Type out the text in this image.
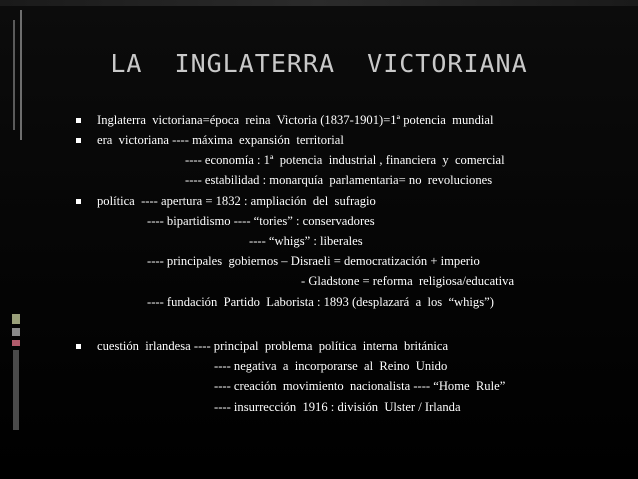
LA  INGLATERRA  VICTORIANA
Inglaterra  victoriana=época  reina  Victoria (1837-1901)=1ª potencia  mundial
era  victoriana ---- máxima  expansión  territorial
---- economía : 1ª  potencia  industrial , financiera  y  comercial
---- estabilidad : monarquía  parlamentaria= no  revoluciones
política  ---- apertura = 1832 : ampliación  del  sufragio
---- bipartidismo ---- “tories” : conservadores
---- “whigs” : liberales
---- principales  gobiernos – Disraeli = democratización + imperio
- Gladstone = reforma  religiosa/educativa
---- fundación  Partido  Laborista : 1893 (desplazará  a  los  “whigs”)
cuestión  irlandesa ---- principal  problema  política  interna  británica
---- negativa  a  incorporarse  al  Reino  Unido
---- creación  movimiento  nacionalista ---- “Home  Rule”
---- insurrección  1916 : división  Ulster / Irlanda
